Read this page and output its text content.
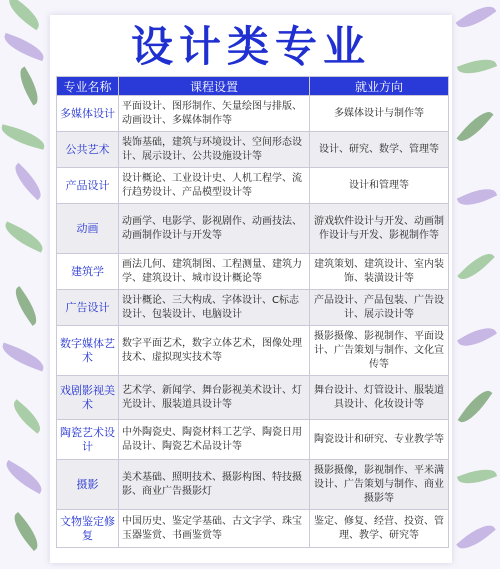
设计类专业
专业名称	课程设置	就业方向
多媒体设计	平面设计、图形制作、矢量绘图与排版、动画设计、多媒体制作等	多媒体设计与制作等
公共艺术	装饰基础，建筑与环境设计、空间形态设计、展示设计、公共设施设计等	设计、研究、数学、管理等
产品设计	设计概论、工业设计史、人机工程学、流行趋势设计、产品模型设计等	设计和管理等
动画	动画学、电影学、影视剧作、动画技法、动画制作设计与开发等	游戏软件设计与开发、动画制作设计与开发、影视制作等
建筑学	画法几何、建筑制图、工程测量、建筑力学、建筑设计、城市设计概论等	建筑策划、建筑设计、室内装饰、装潢设计等
广告设计	设计概论、三大构成、字体设计、C标志设计、包装设计、电脑设计	产品设计、产品包装、广告设计、展示设计等
数字媒体艺术	数字平面艺术，数字立体艺术，图像处理技术、虚拟现实技术等	摄影摄像、影视制作、平面设计、广告策划与制作、文化宣传等
戏剧影视美术	艺术学、新闻学、舞台影视美术设计、灯光设计、服装道具设计等	舞台设计、灯管设计、服装道具设计、化妆设计等
陶瓷艺术设计	中外陶瓷史、陶瓷材料工艺学、陶瓷日用品设计、陶瓷艺术品设计等	陶瓷设计和研究、专业教学等
摄影	美术基础、照明技术、摄影构图、特技摄影、商业广告摄影灯	摄影摄像，影视制作、平米满设计、广告策划与制作、商业摄影等
文物鉴定修复	中国历史、鉴定学基础、古文字学、珠宝玉器鉴赏、书画鉴赏等	鉴定、修复、经营、投资、管理、教学、研究等
